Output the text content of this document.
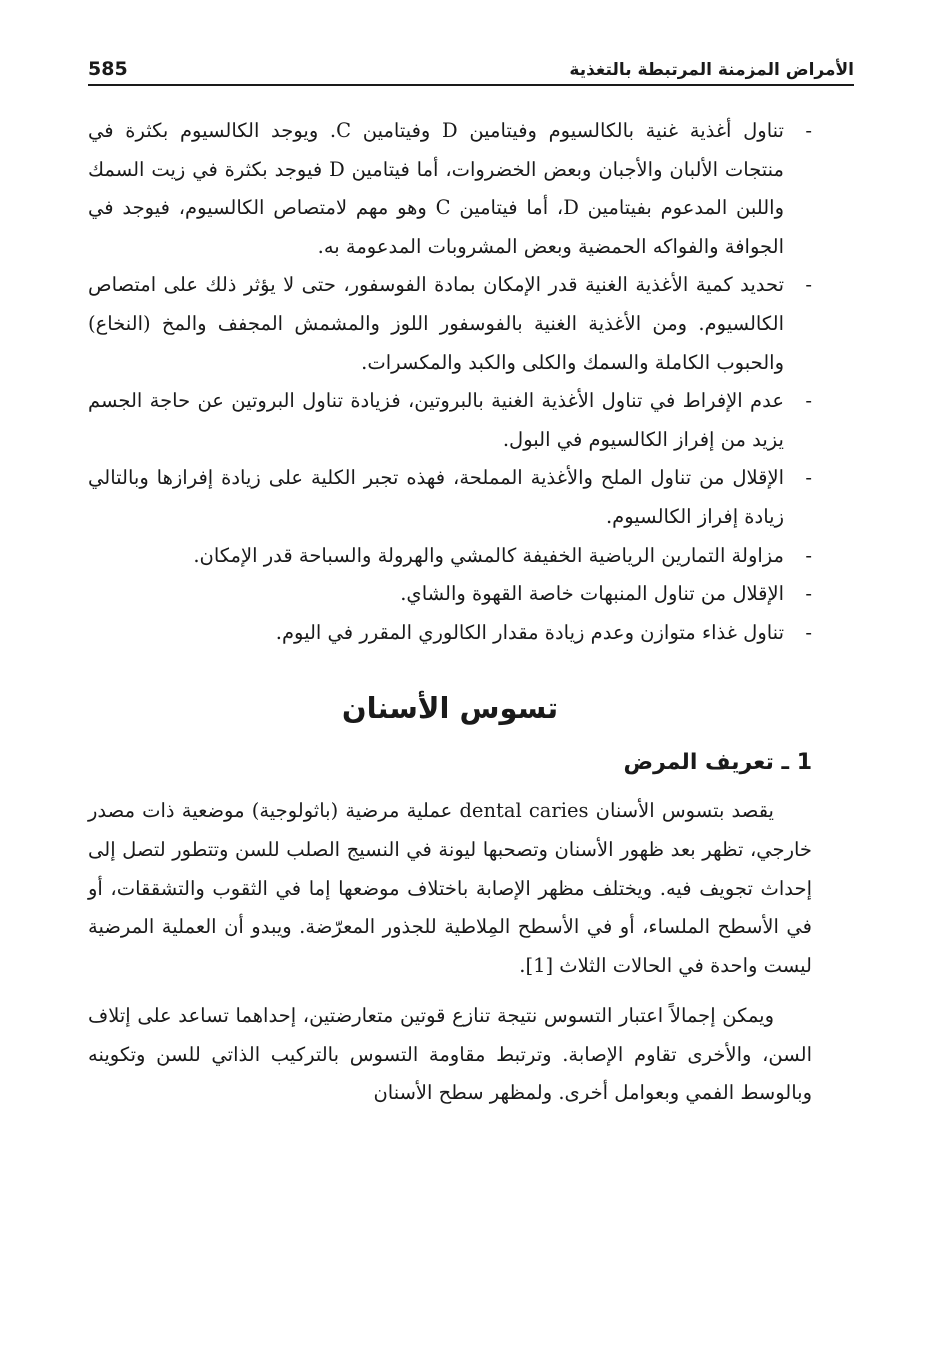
585	الأمراض المزمنة المرتبطة بالتغذية
- تناول أغذية غنية بالكالسيوم وفيتامين D وفيتامين C. ويوجد الكالسيوم بكثرة في منتجات الألبان والأجبان وبعض الخضروات، أما فيتامين D فيوجد بكثرة في زيت السمك واللبن المدعوم بفيتامين D، أما فيتامين C وهو مهم لامتصاص الكالسيوم، فيوجد في الجوافة والفواكه الحمضية وبعض المشروبات المدعومة به.
- تحديد كمية الأغذية الغنية قدر الإمكان بمادة الفوسفور، حتى لا يؤثر ذلك على امتصاص الكالسيوم. ومن الأغذية الغنية بالفوسفور اللوز والمشمش المجفف والمخ (النخاع) والحبوب الكاملة والسمك والكلى والكبد والمكسرات.
- عدم الإفراط في تناول الأغذية الغنية بالبروتين، فزيادة تناول البروتين عن حاجة الجسم يزيد من إفراز الكالسيوم في البول.
- الإقلال من تناول الملح والأغذية المملحة، فهذه تجبر الكلية على زيادة إفرازها وبالتالي زيادة إفراز الكالسيوم.
- مزاولة التمارين الرياضية الخفيفة كالمشي والهرولة والسباحة قدر الإمكان.
- الإقلال من تناول المنبهات خاصة القهوة والشاي.
- تناول غذاء متوازن وعدم زيادة مقدار الكالوري المقرر في اليوم.
تسوس الأسنان
1 ـ تعريف المرض

يقصد بتسوس الأسنان dental caries عملية مرضية (باثولوجية) موضعية ذات مصدر خارجي، تظهر بعد ظهور الأسنان وتصحبها ليونة في النسيج الصلب للسن وتتطور لتصل إلى إحداث تجويف فيه. ويختلف مظهر الإصابة باختلاف موضعها إما في الثقوب والتشققات، أو في الأسطح الملساء، أو في الأسطح المِلاطية للجذور المعرّضة. ويبدو أن العملية المرضية ليست واحدة في الحالات الثلاث [1].

ويمكن إجمالاً اعتبار التسوس نتيجة تنازع قوتين متعارضتين، إحداهما تساعد على إتلاف السن، والأخرى تقاوم الإصابة. وترتبط مقاومة التسوس بالتركيب الذاتي للسن وتكوينه وبالوسط الفمي وبعوامل أخرى. ولمظهر سطح الأسنان
